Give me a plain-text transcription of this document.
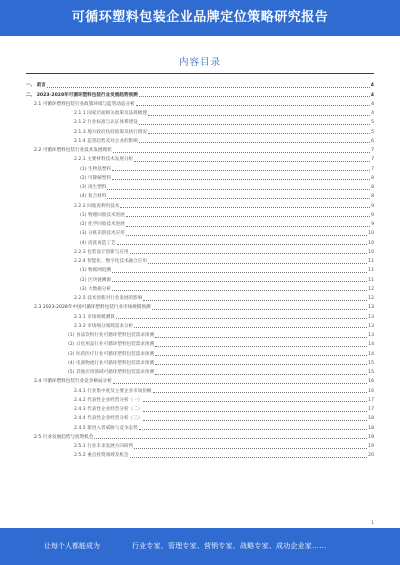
可循环塑料包装企业品牌定位策略研究报告
内容目录
一、 前言	4
二、 2023-2028年可循环塑料包装行业发展趋势预测	4
2.1 可循环塑料包装行业政策环境与监管动态分析	4
2.1.1 国家层面相关政策及法规梳理	4
2.1.2 行业标准与认证体系建设	5
2.1.3 地方政府扶持政策及执行情况	5
2.1.4 监管趋势及对企业的影响	6
2.2 可循环塑料包装行业技术发展现状	7
2.2.1 主要材料技术发展分析	7
(1) 生物基塑料	7
(2) 可降解塑料	8
(3) 再生塑料	8
(4) 复合材料	8
2.2.2 回收再利用技术	9
(1) 物理回收技术进展	9
(2) 化学回收技术进展	9
(3) 分拣识别技术应用	10
(4) 清洗再造工艺	10
2.2.3 包装设计创新与应用	10
2.2.4 智能化、数字化技术融合应用	11
(1) 物联网追溯	11
(2) 区块链溯源	11
(3) 大数据分析	12
2.2.5 技术创新对行业发展的影响	12
2.3 2023-2028年中国可循环塑料包装行业市场规模预测	13
2.3.1 市场规模测算	13
2.3.2 市场细分领域需求分析	13
(1) 食品饮料行业可循环塑料包装需求预测	13
(2) 日化用品行业可循环塑料包装需求预测	14
(3) 医药医疗行业可循环塑料包装需求预测	14
(4) 电商物流行业可循环塑料包装需求预测	15
(5) 其他应用领域可循环塑料包装需求预测	15
2.4 可循环塑料包装行业竞争格局分析	16
2.4.1 行业集中度及主要企业市场份额	16
2.4.2 代表性企业经营分析（一）	17
2.4.3 代表性企业经营分析（二）	17
2.4.4 代表性企业经营分析（三）	18
2.4.5 新进入者威胁与竞争态势	18
2.5 行业发展趋势与投资机会	19
2.5.1 行业未来发展方向研判	19
2.5.2 重点投资领域及机会	20
1
让每个人都能成为	行业专家、管理专家、营销专家、战略专家、成功企业家……
